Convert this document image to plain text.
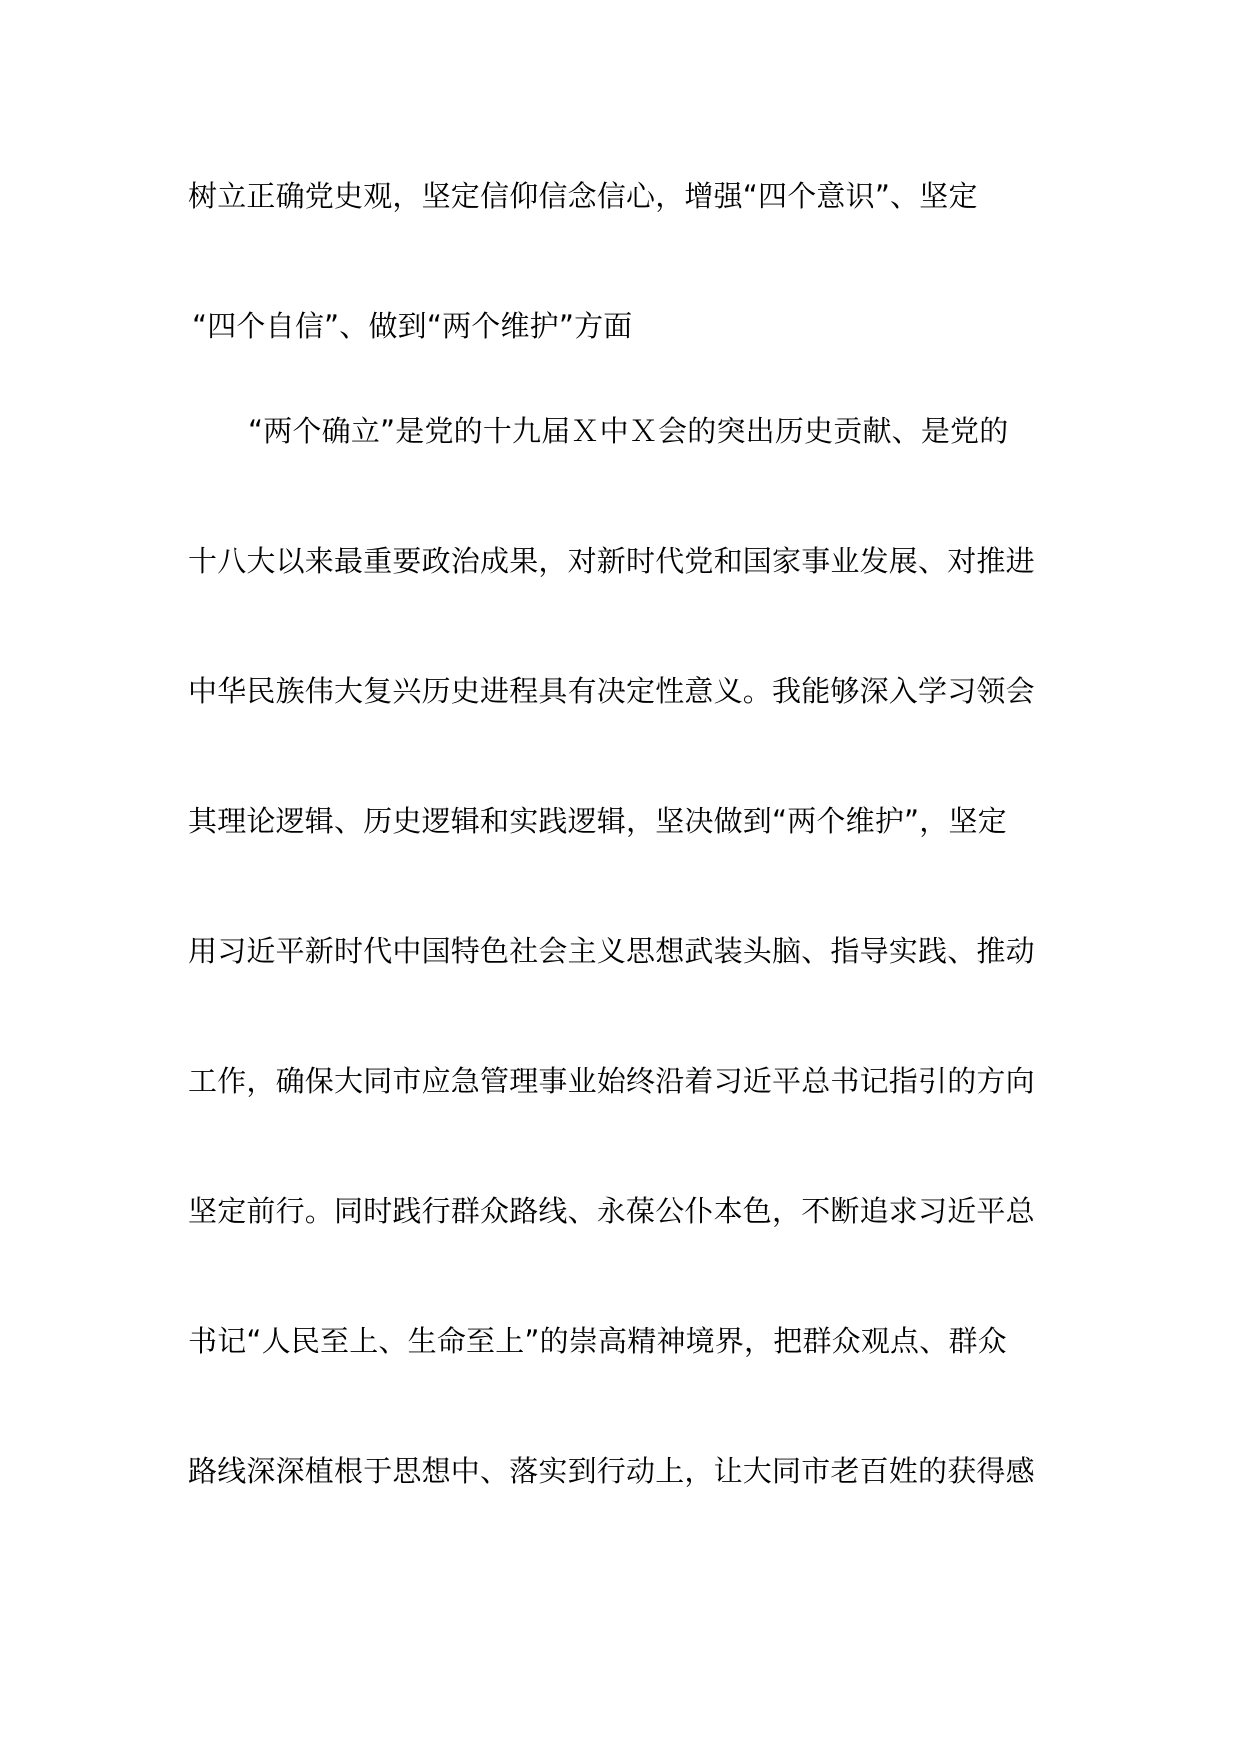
树立正确党史观，坚定信仰信念信心，增强“四个意识”、坚定
“四个自信”、做到“两个维护”方面
“两个确立”是党的十九届Ｘ中Ｘ会的突出历史贡献、是党的
十八大以来最重要政治成果，对新时代党和国家事业发展、对推进
中华民族伟大复兴历史进程具有决定性意义。我能够深入学习领会
其理论逻辑、历史逻辑和实践逻辑，坚决做到“两个维护”，坚定
用习近平新时代中国特色社会主义思想武装头脑、指导实践、推动
工作，确保大同市应急管理事业始终沿着习近平总书记指引的方向
坚定前行。同时践行群众路线、永葆公仆本色，不断追求习近平总
书记“人民至上、生命至上”的崇高精神境界，把群众观点、群众
路线深深植根于思想中、落实到行动上，让大同市老百姓的获得感
